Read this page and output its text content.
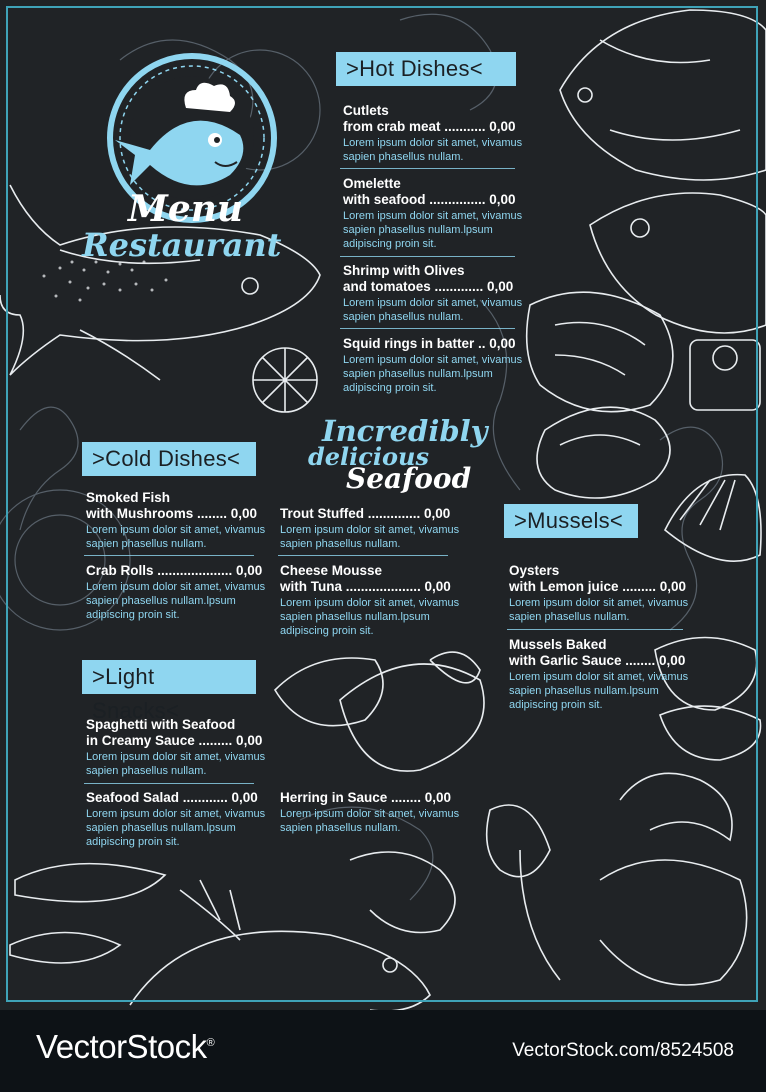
Menu
Restaurant
Incredibly
delicious
Seafood
>Hot Dishes<
Cutlets
from crab meat ........... 0,00
Lorem ipsum dolor sit amet, vivamus
sapien phasellus nullam.
Omelette
with seafood ............... 0,00
Lorem ipsum dolor sit amet, vivamus
sapien phasellus nullam.lpsum
adipiscing proin sit.
Shrimp with Olives
and tomatoes ............. 0,00
Lorem ipsum dolor sit amet, vivamus
sapien phasellus nullam.
Squid rings in batter .. 0,00
Lorem ipsum dolor sit amet, vivamus
sapien phasellus nullam.lpsum
adipiscing proin sit.
>Cold Dishes<
Smoked Fish
with Mushrooms ........ 0,00
Lorem ipsum dolor sit amet, vivamus
sapien phasellus nullam.
Crab Rolls .................... 0,00
Lorem ipsum dolor sit amet, vivamus
sapien phasellus nullam.lpsum
adipiscing proin sit.
Trout Stuffed .............. 0,00
Lorem ipsum dolor sit amet, vivamus
sapien phasellus nullam.
Cheese Mousse
with Tuna .................... 0,00
Lorem ipsum dolor sit amet, vivamus
sapien phasellus nullam.lpsum
adipiscing proin sit.
>Light Snacks<
Spaghetti with Seafood
in Creamy Sauce ......... 0,00
Lorem ipsum dolor sit amet, vivamus
sapien phasellus nullam.
Seafood Salad ............ 0,00
Lorem ipsum dolor sit amet, vivamus
sapien phasellus nullam.lpsum
adipiscing proin sit.
Herring in Sauce ........ 0,00
Lorem ipsum dolor sit amet, vivamus
sapien phasellus nullam.
>Mussels<
Oysters
with Lemon juice ......... 0,00
Lorem ipsum dolor sit amet, vivamus
sapien phasellus nullam.
Mussels Baked
with Garlic Sauce ........ 0,00
Lorem ipsum dolor sit amet, vivamus
sapien phasellus nullam.lpsum
adipiscing proin sit.
VectorStock®	VectorStock.com/8524508
